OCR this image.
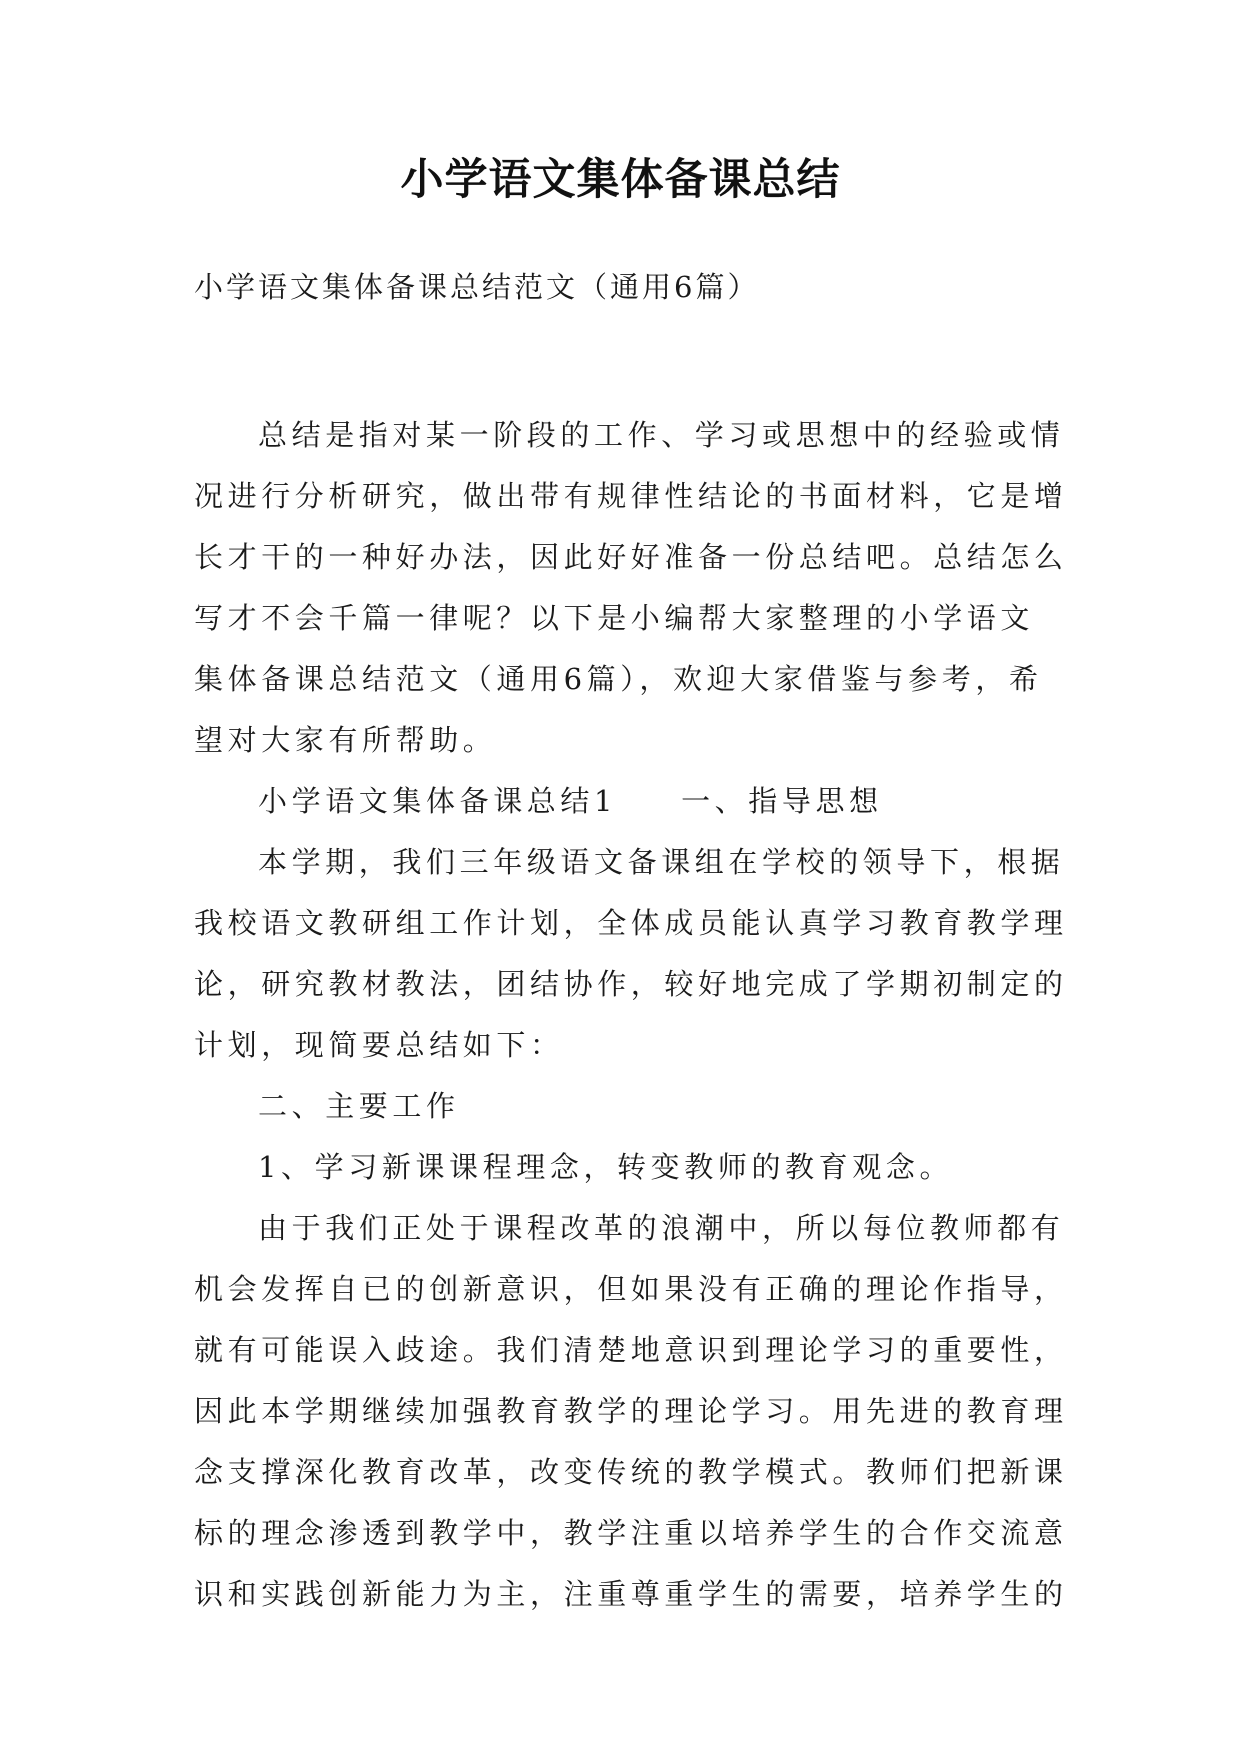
小学语文集体备课总结
小学语文集体备课总结范文（通用6篇）
总结是指对某一阶段的工作、学习或思想中的经验或情
况进行分析研究，做出带有规律性结论的书面材料，它是增
长才干的一种好办法，因此好好准备一份总结吧。总结怎么
写才不会千篇一律呢？以下是小编帮大家整理的小学语文
集体备课总结范文（通用6篇），欢迎大家借鉴与参考，希
望对大家有所帮助。
小学语文集体备课总结1 一、指导思想
本学期，我们三年级语文备课组在学校的领导下，根据
我校语文教研组工作计划，全体成员能认真学习教育教学理
论，研究教材教法，团结协作，较好地完成了学期初制定的
计划，现简要总结如下：
二、主要工作
1、学习新课课程理念，转变教师的教育观念。
由于我们正处于课程改革的浪潮中，所以每位教师都有
机会发挥自已的创新意识，但如果没有正确的理论作指导，
就有可能误入歧途。我们清楚地意识到理论学习的重要性，
因此本学期继续加强教育教学的理论学习。用先进的教育理
念支撑深化教育改革，改变传统的教学模式。教师们把新课
标的理念渗透到教学中，教学注重以培养学生的合作交流意
识和实践创新能力为主，注重尊重学生的需要，培养学生的
